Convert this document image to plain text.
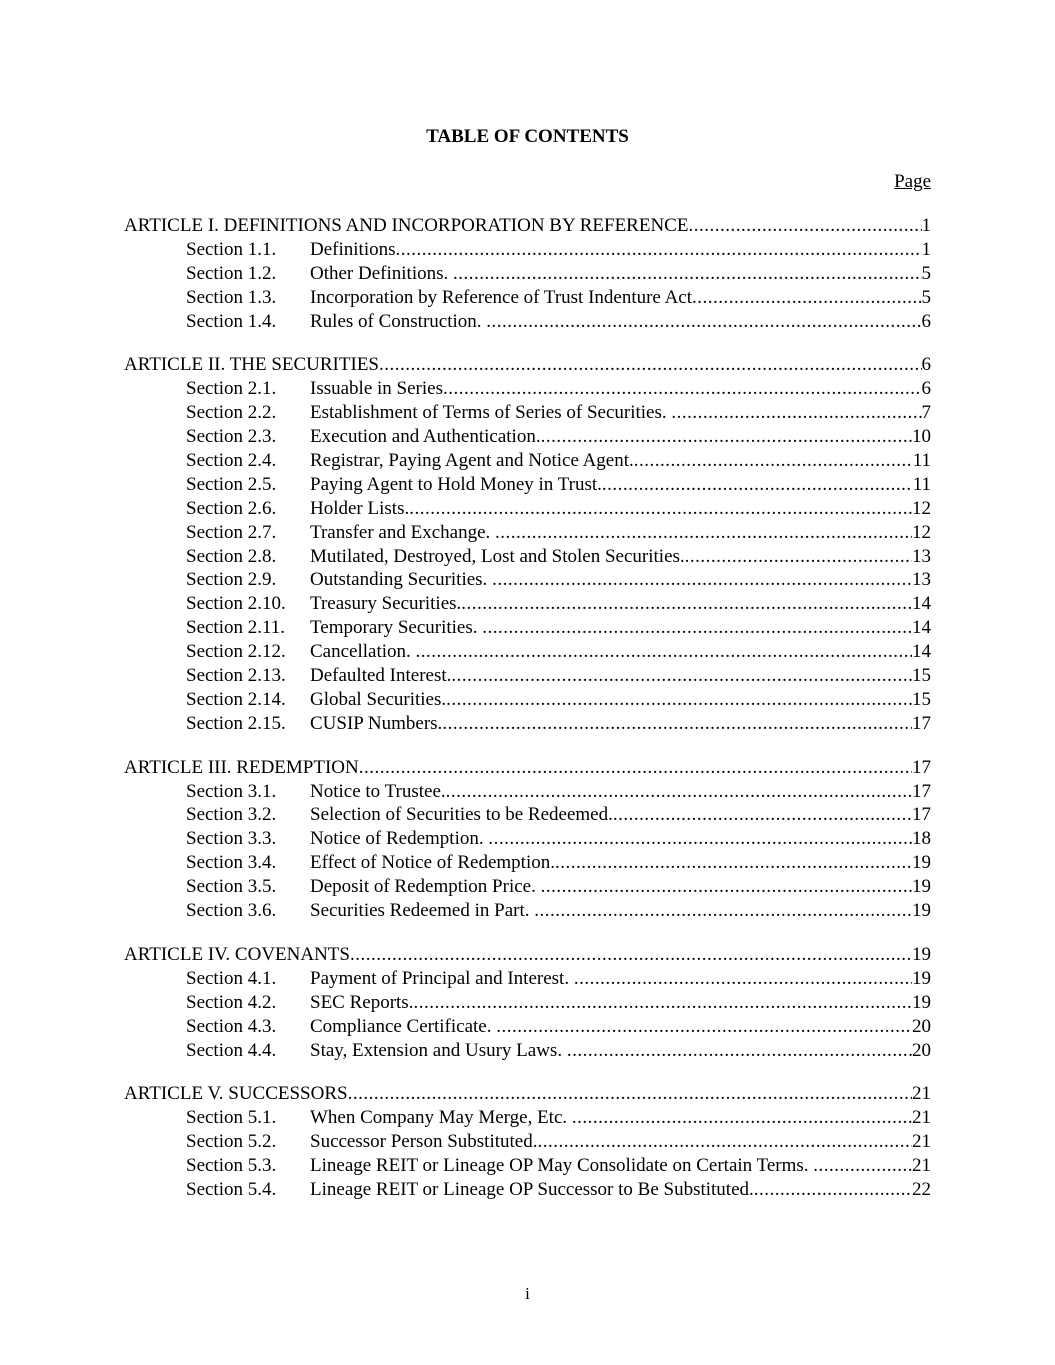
TABLE OF CONTENTS
Page
ARTICLE I. DEFINITIONS AND INCORPORATION BY REFERENCE .....	1
Section 1.1.	Definitions .....	1
Section 1.2.	Other Definitions. .....	5
Section 1.3.	Incorporation by Reference of Trust Indenture Act .....	5
Section 1.4.	Rules of Construction. .....	6
ARTICLE II. THE SECURITIES .....	6
Section 2.1.	Issuable in Series .....	6
Section 2.2.	Establishment of Terms of Series of Securities. .....	7
Section 2.3.	Execution and Authentication. .....	10
Section 2.4.	Registrar, Paying Agent and Notice Agent. .....	11
Section 2.5.	Paying Agent to Hold Money in Trust. .....	11
Section 2.6.	Holder Lists. .....	12
Section 2.7.	Transfer and Exchange. .....	12
Section 2.8.	Mutilated, Destroyed, Lost and Stolen Securities. .....	13
Section 2.9.	Outstanding Securities. .....	13
Section 2.10.	Treasury Securities. .....	14
Section 2.11.	Temporary Securities. .....	14
Section 2.12.	Cancellation. .....	14
Section 2.13.	Defaulted Interest. .....	15
Section 2.14.	Global Securities. .....	15
Section 2.15.	CUSIP Numbers. .....	17
ARTICLE III. REDEMPTION .....	17
Section 3.1.	Notice to Trustee. .....	17
Section 3.2.	Selection of Securities to be Redeemed. .....	17
Section 3.3.	Notice of Redemption. .....	18
Section 3.4.	Effect of Notice of Redemption. .....	19
Section 3.5.	Deposit of Redemption Price. .....	19
Section 3.6.	Securities Redeemed in Part. .....	19
ARTICLE IV. COVENANTS .....	19
Section 4.1.	Payment of Principal and Interest. .....	19
Section 4.2.	SEC Reports. .....	19
Section 4.3.	Compliance Certificate. .....	20
Section 4.4.	Stay, Extension and Usury Laws. .....	20
ARTICLE V. SUCCESSORS .....	21
Section 5.1.	When Company May Merge, Etc. .....	21
Section 5.2.	Successor Person Substituted. .....	21
Section 5.3.	Lineage REIT or Lineage OP May Consolidate on Certain Terms. .....	21
Section 5.4.	Lineage REIT or Lineage OP Successor to Be Substituted. .....	22
i
